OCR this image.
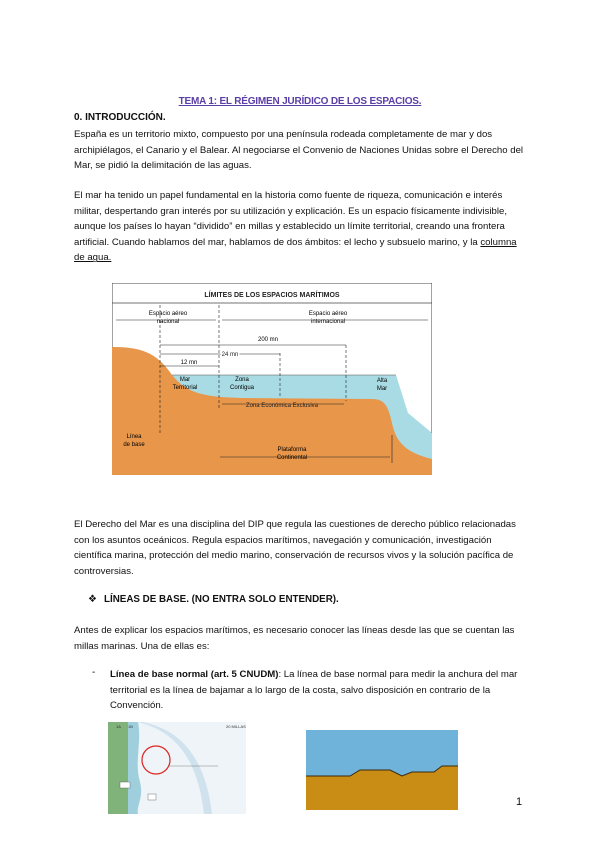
TEMA 1: EL RÉGIMEN JURÍDICO DE LOS ESPACIOS.
0. INTRODUCCIÓN.
España es un territorio mixto, compuesto por una península rodeada completamente de mar y dos archipiélagos, el Canario y el Balear. Al negociarse el Convenio de Naciones Unidas sobre el Derecho del Mar, se pidió la delimitación de las aguas.
El mar ha tenido un papel fundamental en la historia como fuente de riqueza, comunicación e interés militar, despertando gran interés por su utilización y explicación. Es un espacio físicamente indivisible, aunque los países lo hayan “dividido” en millas y establecido un límite territorial, creando una frontera artificial. Cuando hablamos del mar, hablamos de dos ámbitos: el lecho y subsuelo marino, y la columna de agua.
LÍMITES DE LOS ESPACIOS MARÍTIMOS
Espacio aéreo
nacional
Espacio aéreo
internacional
200 mn
24 mn
12 mn
Mar
Territorial
Zona
Contigua
Alta
Mar
Zona Económica Exclusiva
Línea
de base
Plataforma
Continental
El Derecho del Mar es una disciplina del DIP que regula las cuestiones de derecho público relacionadas con los asuntos oceánicos. Regula espacios marítimos, navegación y comunicación, investigación científica marina, protección del medio marino, conservación de recursos vivos y la solución pacífica de controversias.
❖ LÍNEAS DE BASE. (NO ENTRA SOLO ENTENDER).
Antes de explicar los espacios marítimos, es necesario conocer las líneas desde las que se cuentan las millas marinas. Una de ellas es:
- Línea de base normal (art. 5 CNUDM): La línea de base normal para medir la anchura del mar territorial es la línea de bajamar a lo largo de la costa, salvo disposición en contrario de la Convención.
1A 1B	20 MILLAS
1
